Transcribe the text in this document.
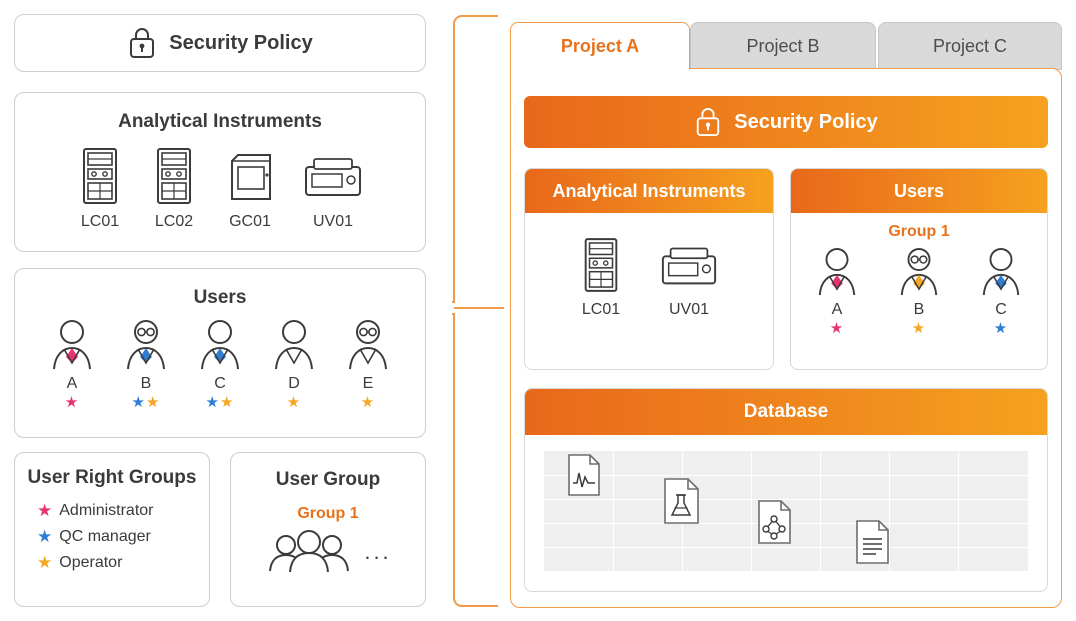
Security Policy
Analytical Instruments
LC01 LC02 GC01	UV01
Users
A
★
B
★★
C
★★
D
★
E
★
User Right Groups
★ Administrator
★ QC manager
★ Operator
User Group
Group 1
...
Project A	Project B	Project C
Security Policy
Analytical Instruments
LC01	UV01
Users
Group 1
A
★
B
★
C
★
Database
